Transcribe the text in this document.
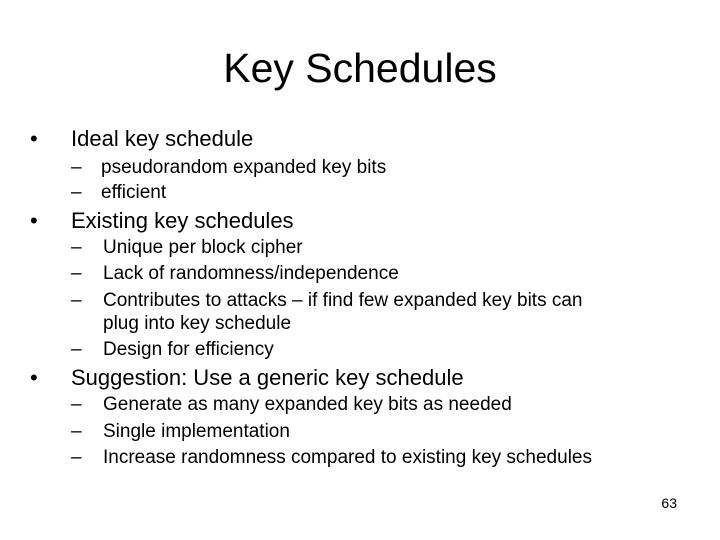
Key Schedules
• Ideal key schedule
– pseudorandom expanded key bits
– efficient
• Existing key schedules
– Unique per block cipher
– Lack of randomness/independence
– Contributes to attacks – if find few expanded key bits can
plug into key schedule
– Design for efficiency
• Suggestion: Use a generic key schedule
– Generate as many expanded key bits as needed
– Single implementation
– Increase randomness compared to existing key schedules
63
